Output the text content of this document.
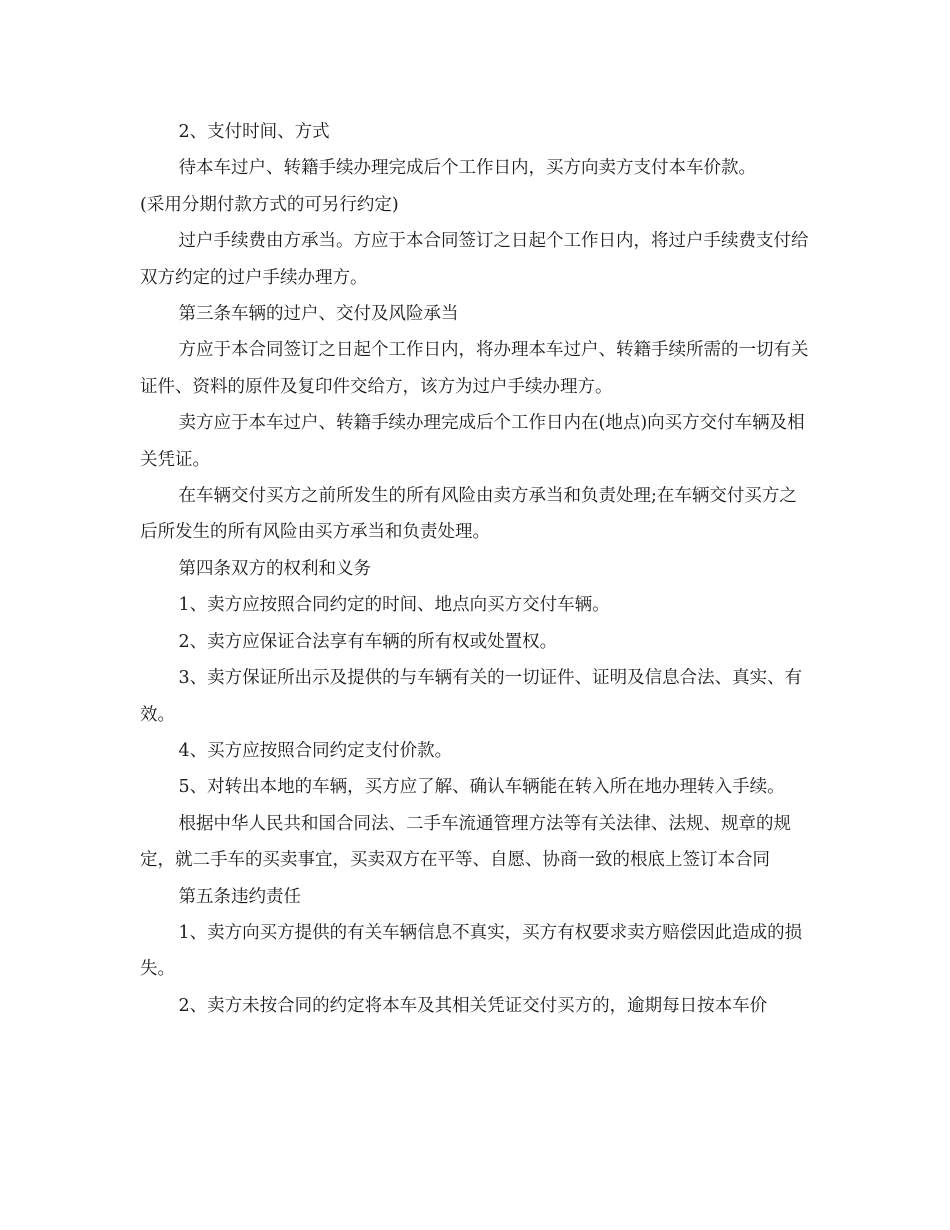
2、支付时间、方式

待本车过户、转籍手续办理完成后个工作日内，买方向卖方支付本车价款。

(采用分期付款方式的可另行约定)

过户手续费由方承当。方应于本合同签订之日起个工作日内，将过户手续费支付给双方约定的过户手续办理方。

第三条车辆的过户、交付及风险承当

方应于本合同签订之日起个工作日内，将办理本车过户、转籍手续所需的一切有关证件、资料的原件及复印件交给方，该方为过户手续办理方。

卖方应于本车过户、转籍手续办理完成后个工作日内在(地点)向买方交付车辆及相关凭证。

在车辆交付买方之前所发生的所有风险由卖方承当和负责处理;在车辆交付买方之后所发生的所有风险由买方承当和负责处理。

第四条双方的权利和义务

1、卖方应按照合同约定的时间、地点向买方交付车辆。

2、卖方应保证合法享有车辆的所有权或处置权。

3、卖方保证所出示及提供的与车辆有关的一切证件、证明及信息合法、真实、有效。

4、买方应按照合同约定支付价款。

5、对转出本地的车辆，买方应了解、确认车辆能在转入所在地办理转入手续。

根据中华人民共和国合同法、二手车流通管理方法等有关法律、法规、规章的规定，就二手车的买卖事宜，买卖双方在平等、自愿、协商一致的根底上签订本合同

第五条违约责任

1、卖方向买方提供的有关车辆信息不真实，买方有权要求卖方赔偿因此造成的损失。

2、卖方未按合同的约定将本车及其相关凭证交付买方的，逾期每日按本车价
